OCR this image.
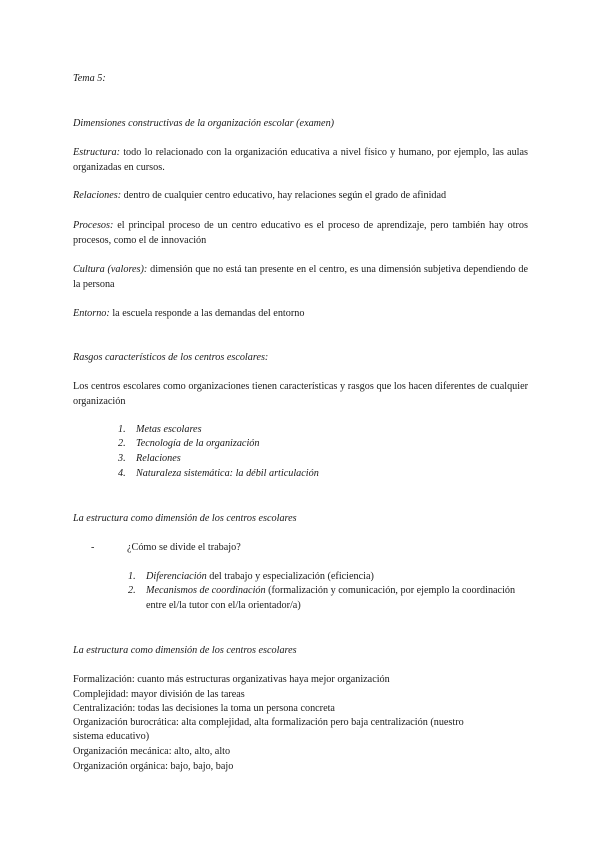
Tema 5:
Dimensiones constructivas de la organización escolar (examen)
Estructura: todo lo relacionado con la organización educativa a nivel físico y humano, por ejemplo, las aulas organizadas en cursos.
Relaciones: dentro de cualquier centro educativo, hay relaciones según el grado de afinidad
Procesos: el principal proceso de un centro educativo es el proceso de aprendizaje, pero también hay otros procesos, como el de innovación
Cultura (valores): dimensión que no está tan presente en el centro, es una dimensión subjetiva dependiendo de la persona
Entorno: la escuela responde a las demandas del entorno
Rasgos característicos de los centros escolares:
Los centros escolares como organizaciones tienen características y rasgos que los hacen diferentes de cualquier organización
1. Metas escolares
2. Tecnología de la organización
3. Relaciones
4. Naturaleza sistemática: la débil articulación
La estructura como dimensión de los centros escolares
-	¿Cómo se divide el trabajo?
1. Diferenciación del trabajo y especialización (eficiencia)
2. Mecanismos de coordinación (formalización y comunicación, por ejemplo la coordinación entre el/la tutor con el/la orientador/a)
La estructura como dimensión de los centros escolares
Formalización: cuanto más estructuras organizativas haya mejor organización
Complejidad: mayor división de las tareas
Centralización: todas las decisiones la toma un persona concreta
Organización burocrática: alta complejidad, alta formalización pero baja centralización (nuestro
sistema educativo)
Organización mecánica: alto, alto, alto
Organización orgánica: bajo, bajo, bajo
